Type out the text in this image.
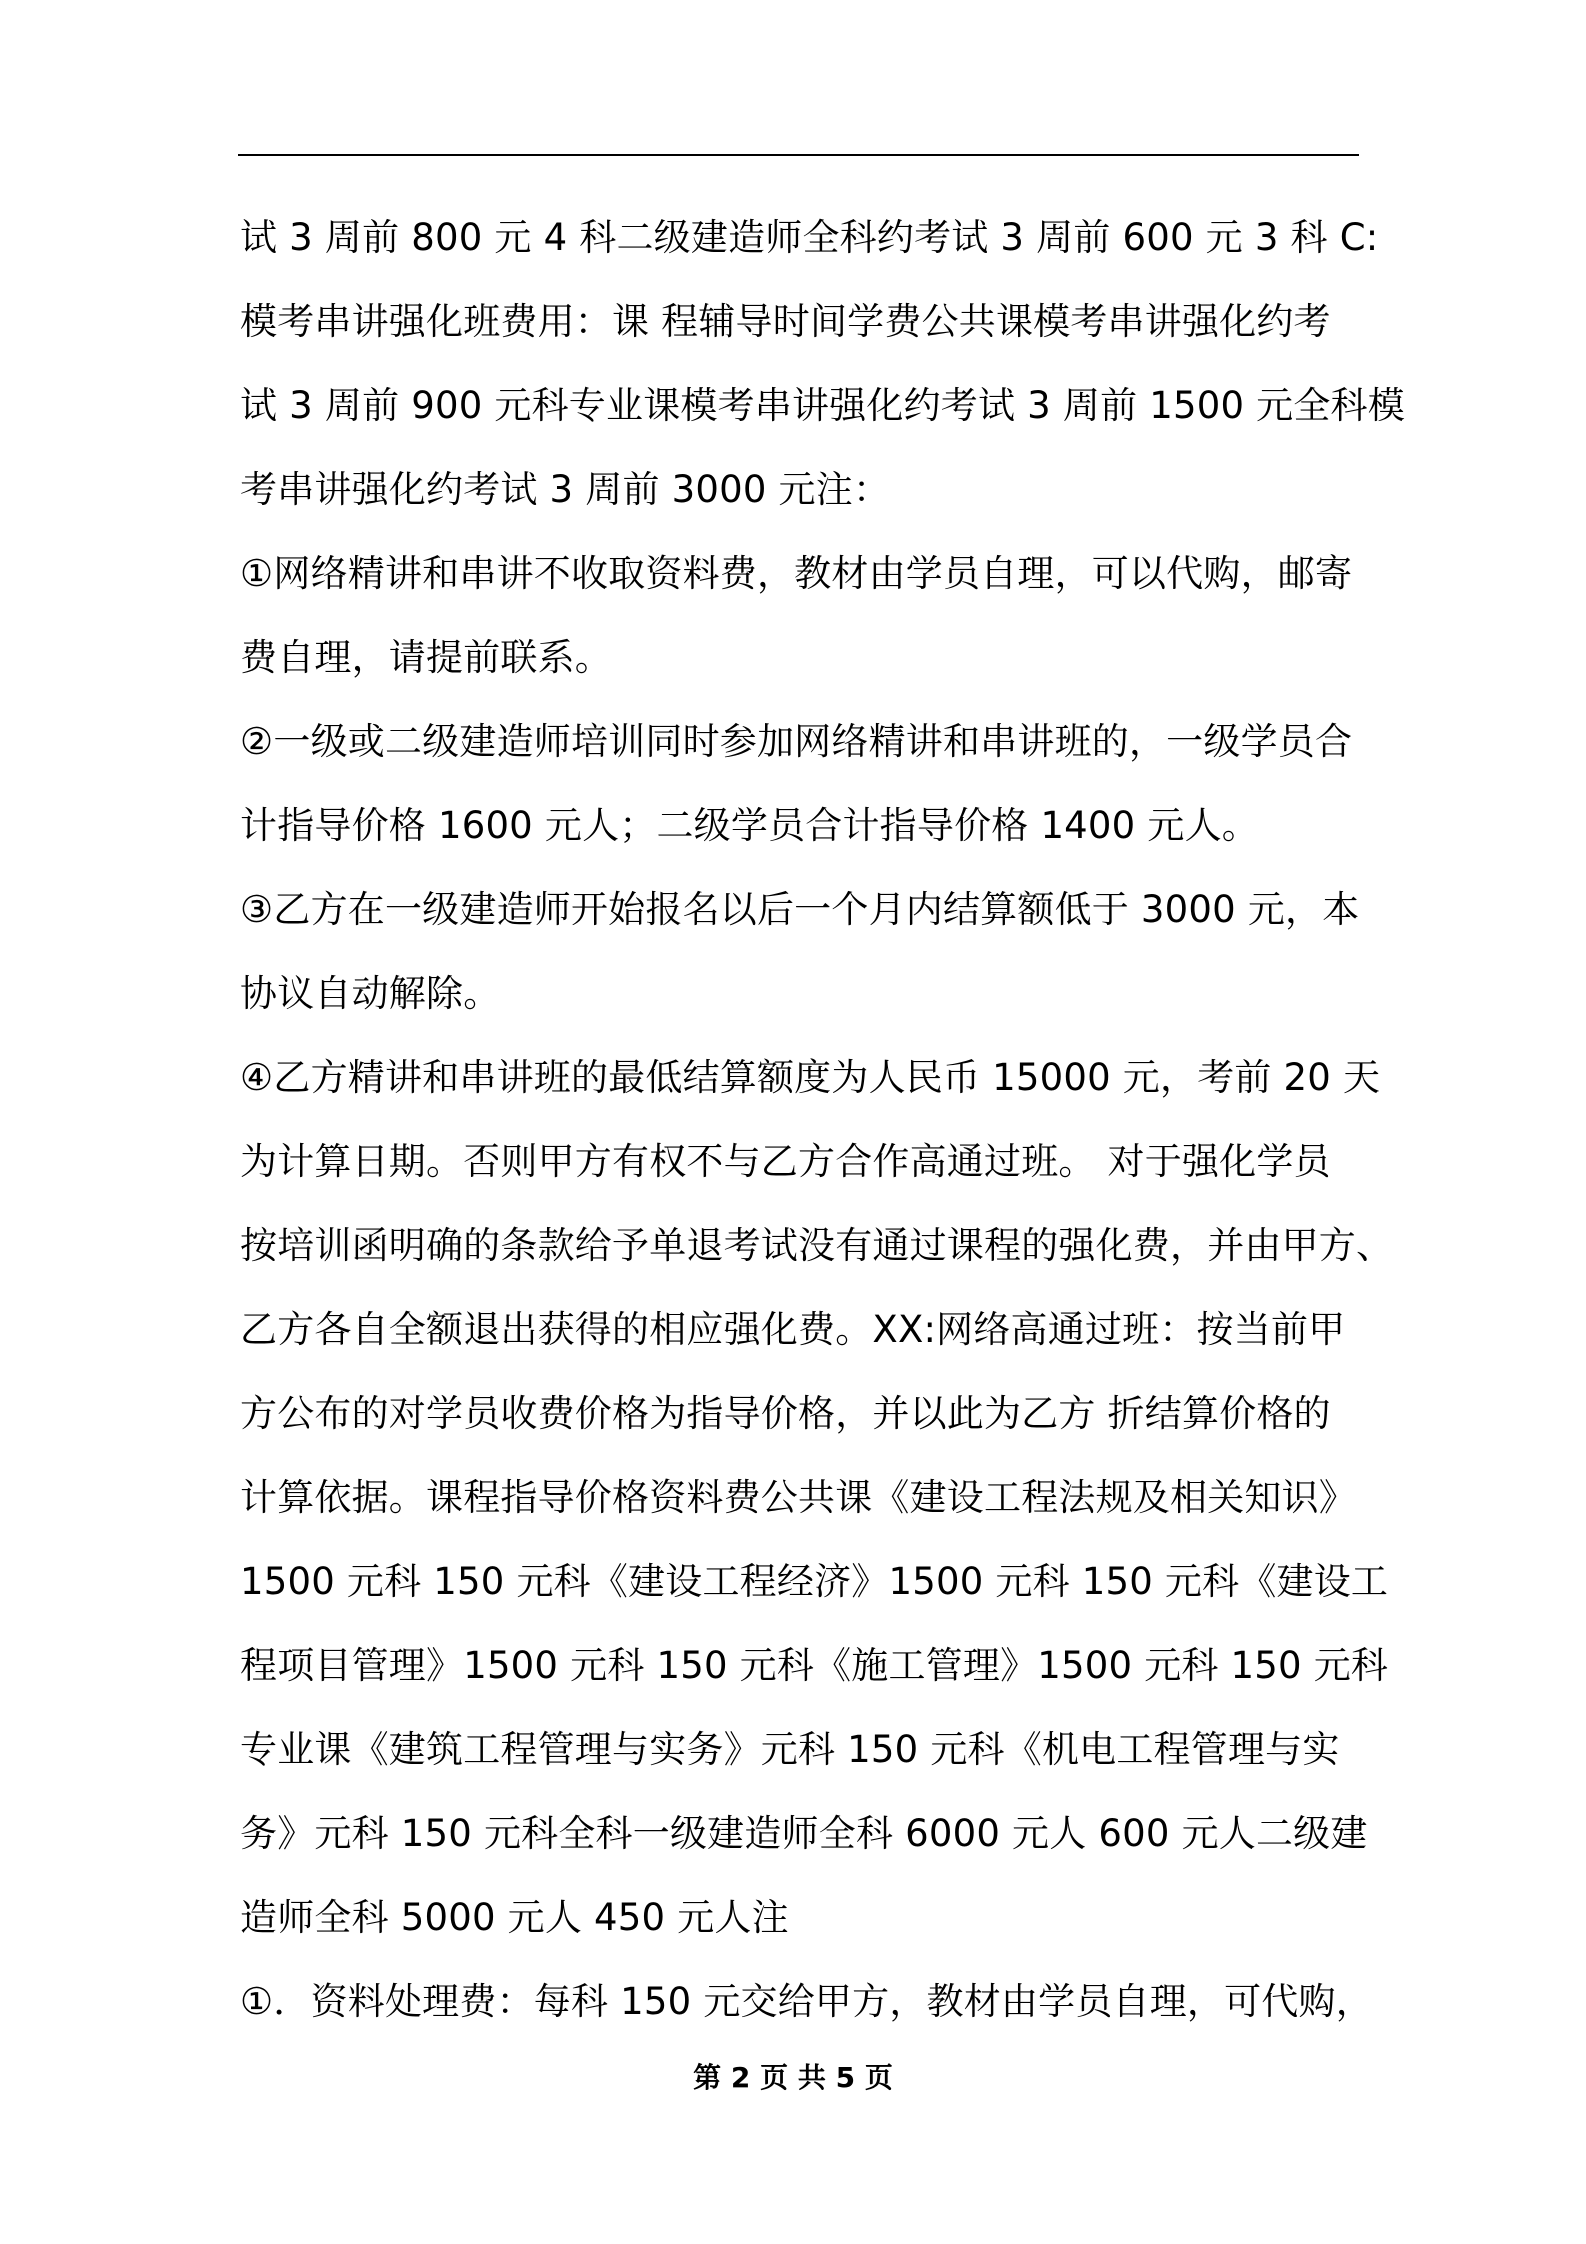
试 3 周前 800 元 4 科二级建造师全科约考试 3 周前 600 元 3 科 C:
模考串讲强化班费用：课 程辅导时间学费公共课模考串讲强化约考
试 3 周前 900 元科专业课模考串讲强化约考试 3 周前 1500 元全科模
考串讲强化约考试 3 周前 3000 元注：
①网络精讲和串讲不收取资料费，教材由学员自理，可以代购，邮寄
费自理，请提前联系。
②一级或二级建造师培训同时参加网络精讲和串讲班的，一级学员合
计指导价格 1600 元人；二级学员合计指导价格 1400 元人。
③乙方在一级建造师开始报名以后一个月内结算额低于 3000 元，本
协议自动解除。
④乙方精讲和串讲班的最低结算额度为人民币 15000 元，考前 20 天
为计算日期。否则甲方有权不与乙方合作高通过班。 对于强化学员
按培训函明确的条款给予单退考试没有通过课程的强化费，并由甲方、
乙方各自全额退出获得的相应强化费。XX:网络高通过班：按当前甲
方公布的对学员收费价格为指导价格，并以此为乙方 折结算价格的
计算依据。课程指导价格资料费公共课《建设工程法规及相关知识》
1500 元科 150 元科《建设工程经济》1500 元科 150 元科《建设工
程项目管理》1500 元科 150 元科《施工管理》1500 元科 150 元科
专业课《建筑工程管理与实务》元科 150 元科《机电工程管理与实
务》元科 150 元科全科一级建造师全科 6000 元人 600 元人二级建
造师全科 5000 元人 450 元人注
①．资料处理费：每科 150 元交给甲方，教材由学员自理，可代购，
第 2 页 共 5 页
